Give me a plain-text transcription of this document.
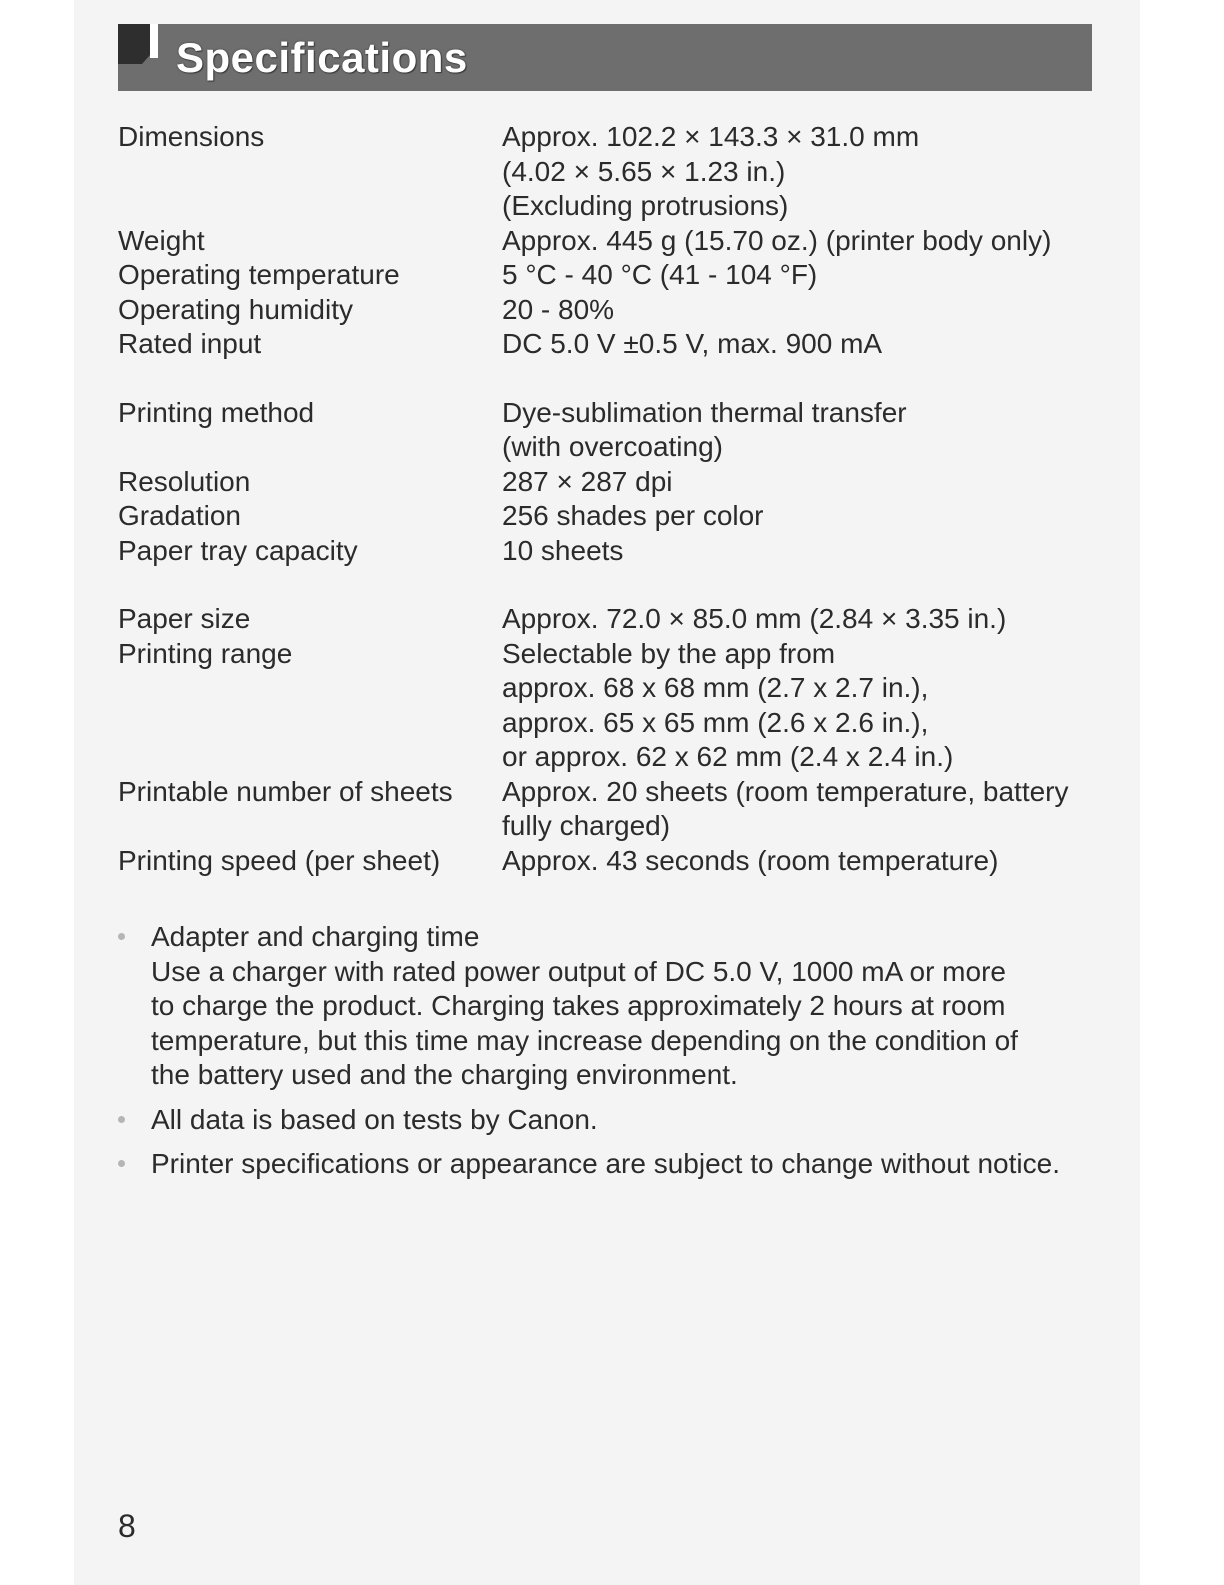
Specifications
Dimensions	Approx. 102.2 × 143.3 × 31.0 mm
(4.02 × 5.65 × 1.23 in.)
(Excluding protrusions)
Weight	Approx. 445 g (15.70 oz.) (printer body only)
Operating temperature	5 °C - 40 °C (41 - 104 °F)
Operating humidity	20 - 80%
Rated input	DC 5.0 V ±0.5 V, max. 900 mA
Printing method	Dye-sublimation thermal transfer
(with overcoating)
Resolution	287 × 287 dpi
Gradation	256 shades per color
Paper tray capacity	10 sheets
Paper size	Approx. 72.0 × 85.0 mm (2.84 × 3.35 in.)
Printing range	Selectable by the app from
approx. 68 x 68 mm (2.7 x 2.7 in.),
approx. 65 x 65 mm (2.6 x 2.6 in.),
or approx. 62 x 62 mm (2.4 x 2.4 in.)
Printable number of sheets	Approx. 20 sheets (room temperature, battery
fully charged)
Printing speed (per sheet)	Approx. 43 seconds (room temperature)
Adapter and charging time
Use a charger with rated power output of DC 5.0 V, 1000 mA or more
to charge the product. Charging takes approximately 2 hours at room
temperature, but this time may increase depending on the condition of
the battery used and the charging environment.
All data is based on tests by Canon.
Printer specifications or appearance are subject to change without notice.
8
